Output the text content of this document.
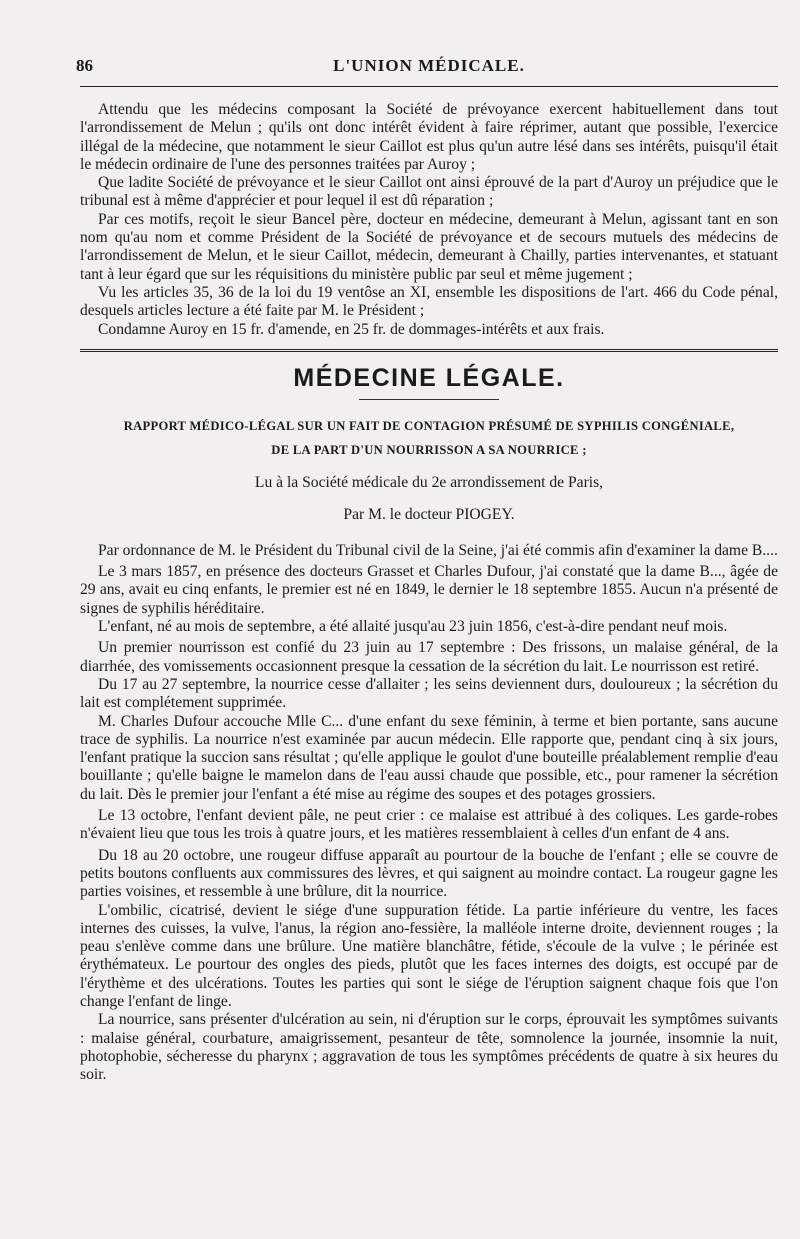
86	L'UNION MÉDICALE.

Attendu que les médecins composant la Société de prévoyance exercent habituellement dans tout l'arrondissement de Melun ; qu'ils ont donc intérêt évident à faire réprimer, autant que possible, l'exercice illégal de la médecine, que notamment le sieur Caillot est plus qu'un autre lésé dans ses intérêts, puisqu'il était le médecin ordinaire de l'une des personnes traitées par Auroy ;

Que ladite Société de prévoyance et le sieur Caillot ont ainsi éprouvé de la part d'Auroy un préjudice que le tribunal est à même d'apprécier et pour lequel il est dû réparation ;

Par ces motifs, reçoit le sieur Bancel père, docteur en médecine, demeurant à Melun, agissant tant en son nom qu'au nom et comme Président de la Société de prévoyance et de secours mutuels des médecins de l'arrondissement de Melun, et le sieur Caillot, médecin, demeurant à Chailly, parties intervenantes, et statuant tant à leur égard que sur les réquisitions du ministère public par seul et même jugement ;

Vu les articles 35, 36 de la loi du 19 ventôse an XI, ensemble les dispositions de l'art. 466 du Code pénal, desquels articles lecture a été faite par M. le Président ;

Condamne Auroy en 15 fr. d'amende, en 25 fr. de dommages-intérêts et aux frais.

MÉDECINE LÉGALE.
RAPPORT MÉDICO-LÉGAL SUR UN FAIT DE CONTAGION PRÉSUMÉ DE SYPHILIS CONGÉNIALE,
DE LA PART D'UN NOURRISSON A SA NOURRICE ;
Lu à la Société médicale du 2e arrondissement de Paris,
Par M. le docteur PIOGEY.

Par ordonnance de M. le Président du Tribunal civil de la Seine, j'ai été commis afin d'examiner la dame B....

Le 3 mars 1857, en présence des docteurs Grasset et Charles Dufour, j'ai constaté que la dame B..., âgée de 29 ans, avait eu cinq enfants, le premier est né en 1849, le dernier le 18 septembre 1855. Aucun n'a présenté de signes de syphilis héréditaire.

L'enfant, né au mois de septembre, a été allaité jusqu'au 23 juin 1856, c'est-à-dire pendant neuf mois.

Un premier nourrisson est confié du 23 juin au 17 septembre : Des frissons, un malaise général, de la diarrhée, des vomissements occasionnent presque la cessation de la sécrétion du lait. Le nourrisson est retiré.

Du 17 au 27 septembre, la nourrice cesse d'allaiter ; les seins deviennent durs, douloureux ; la sécrétion du lait est complétement supprimée.

M. Charles Dufour accouche Mlle C... d'une enfant du sexe féminin, à terme et bien portante, sans aucune trace de syphilis. La nourrice n'est examinée par aucun médecin. Elle rapporte que, pendant cinq à six jours, l'enfant pratique la succion sans résultat ; qu'elle applique le goulot d'une bouteille préalablement remplie d'eau bouillante ; qu'elle baigne le mamelon dans de l'eau aussi chaude que possible, etc., pour ramener la sécrétion du lait. Dès le premier jour l'enfant a été mise au régime des soupes et des potages grossiers.

Le 13 octobre, l'enfant devient pâle, ne peut crier : ce malaise est attribué à des coliques. Les garde-robes n'évaient lieu que tous les trois à quatre jours, et les matières ressemblaient à celles d'un enfant de 4 ans.

Du 18 au 20 octobre, une rougeur diffuse apparaît au pourtour de la bouche de l'enfant ; elle se couvre de petits boutons confluents aux commissures des lèvres, et qui saignent au moindre contact. La rougeur gagne les parties voisines, et ressemble à une brûlure, dit la nourrice.

L'ombilic, cicatrisé, devient le siége d'une suppuration fétide. La partie inférieure du ventre, les faces internes des cuisses, la vulve, l'anus, la région ano-fessière, la malléole interne droite, deviennent rouges ; la peau s'enlève comme dans une brûlure. Une matière blanchâtre, fétide, s'écoule de la vulve ; le périnée est érythémateux. Le pourtour des ongles des pieds, plutôt que les faces internes des doigts, est occupé par de l'érythème et des ulcérations. Toutes les parties qui sont le siége de l'éruption saignent chaque fois que l'on change l'enfant de linge.

La nourrice, sans présenter d'ulcération au sein, ni d'éruption sur le corps, éprouvait les symptômes suivants : malaise général, courbature, amaigrissement, pesanteur de tête, somnolence la journée, insomnie la nuit, photophobie, sécheresse du pharynx ; aggravation de tous les symptômes précédents de quatre à six heures du soir.
